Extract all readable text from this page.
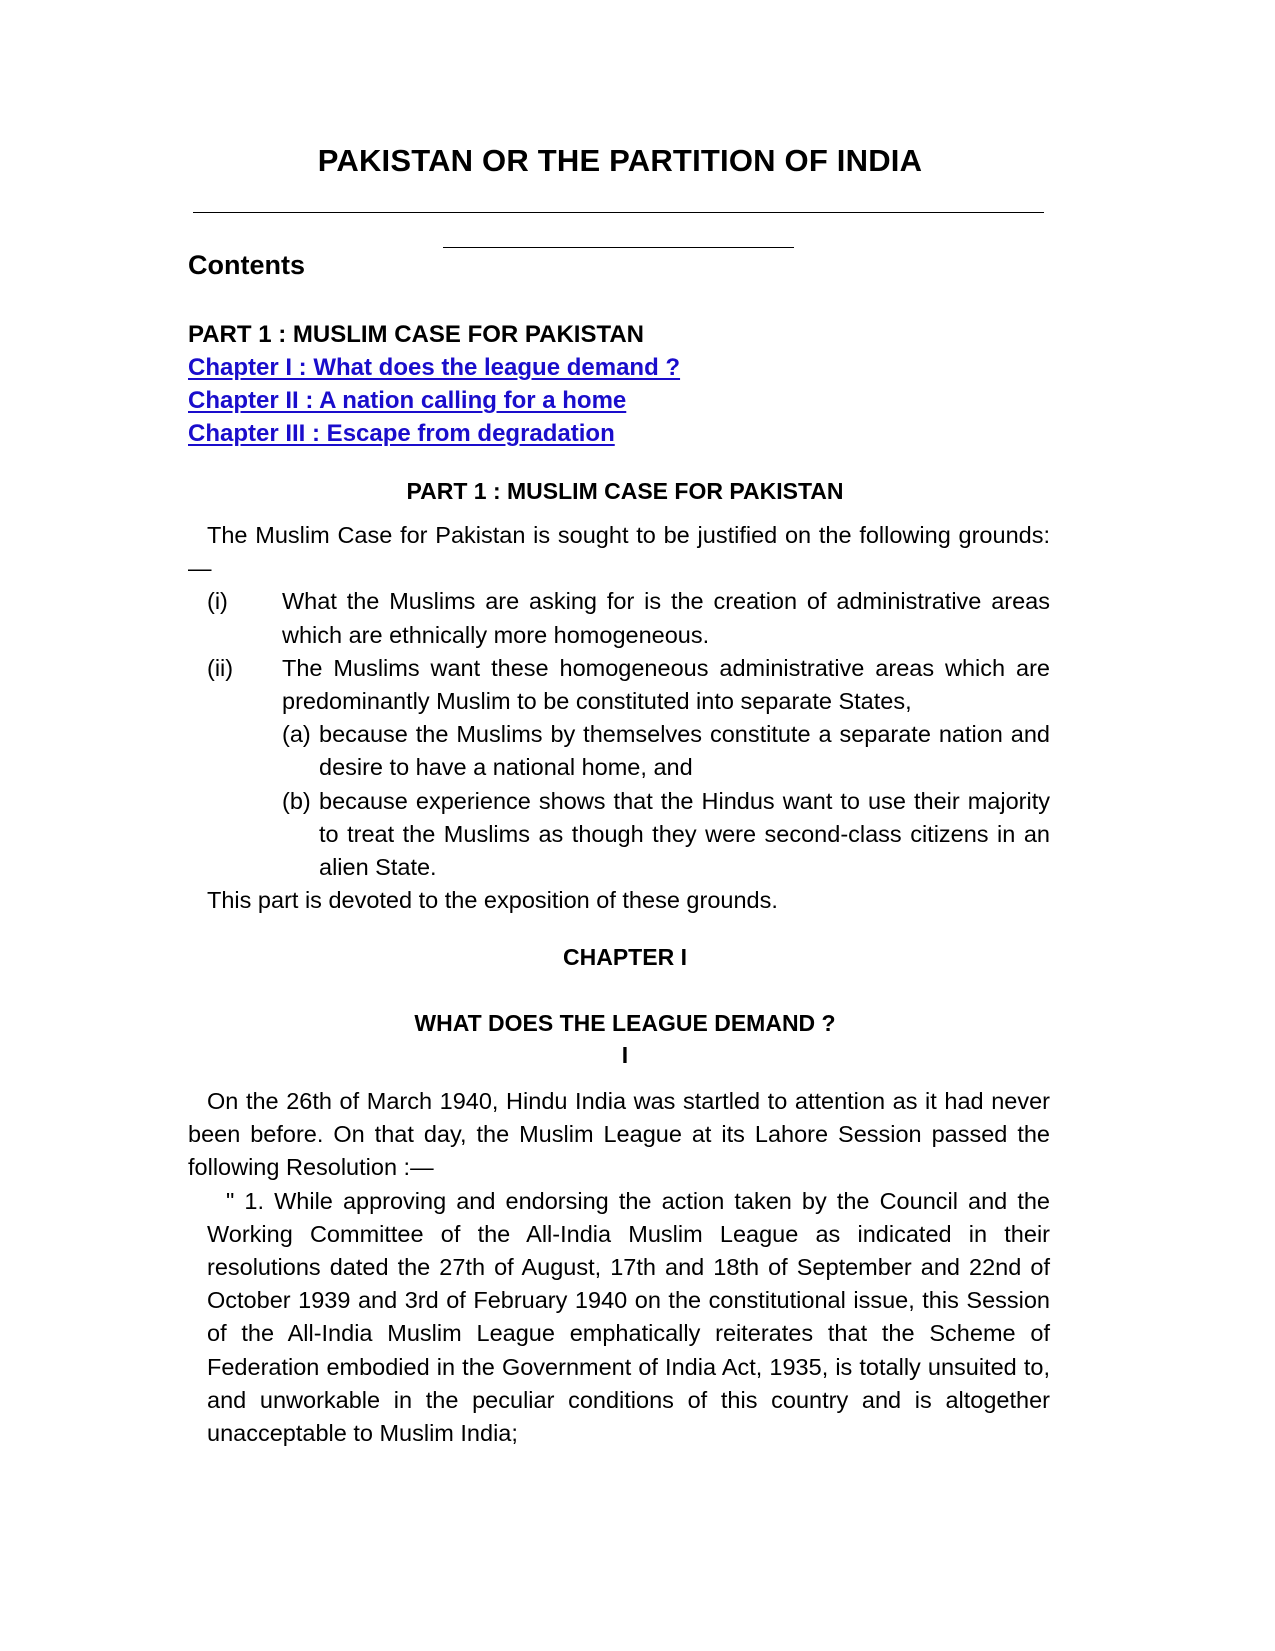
PAKISTAN OR THE PARTITION OF INDIA
Contents
PART 1 : MUSLIM CASE FOR PAKISTAN
Chapter I : What does the league demand ?
Chapter II : A nation calling for a home
Chapter III : Escape from degradation
PART 1 : MUSLIM CASE FOR PAKISTAN

The Muslim Case for Pakistan is sought to be justified on the following grounds:—

(i)	What the Muslims are asking for is the creation of administrative areas which are ethnically more homogeneous.
(ii)	The Muslims want these homogeneous administrative areas which are predominantly Muslim to be constituted into separate States,
(a) because the Muslims by themselves constitute a separate nation and desire to have a national home, and
(b) because experience shows that the Hindus want to use their majority to treat the Muslims as though they were second-class citizens in an alien State.

This part is devoted to the exposition of these grounds.

CHAPTER I
WHAT DOES THE LEAGUE DEMAND ?
I

On the 26th of March 1940, Hindu India was startled to attention as it had never been before. On that day, the Muslim League at its Lahore Session passed the following Resolution :—

" 1. While approving and endorsing the action taken by the Council and the Working Committee of the All-India Muslim League as indicated in their resolutions dated the 27th of August, 17th and 18th of September and 22nd of October 1939 and 3rd of February 1940 on the constitutional issue, this Session of the All-India Muslim League emphatically reiterates that the Scheme of Federation embodied in the Government of India Act, 1935, is totally unsuited to, and unworkable in the peculiar conditions of this country and is altogether unacceptable to Muslim India;
